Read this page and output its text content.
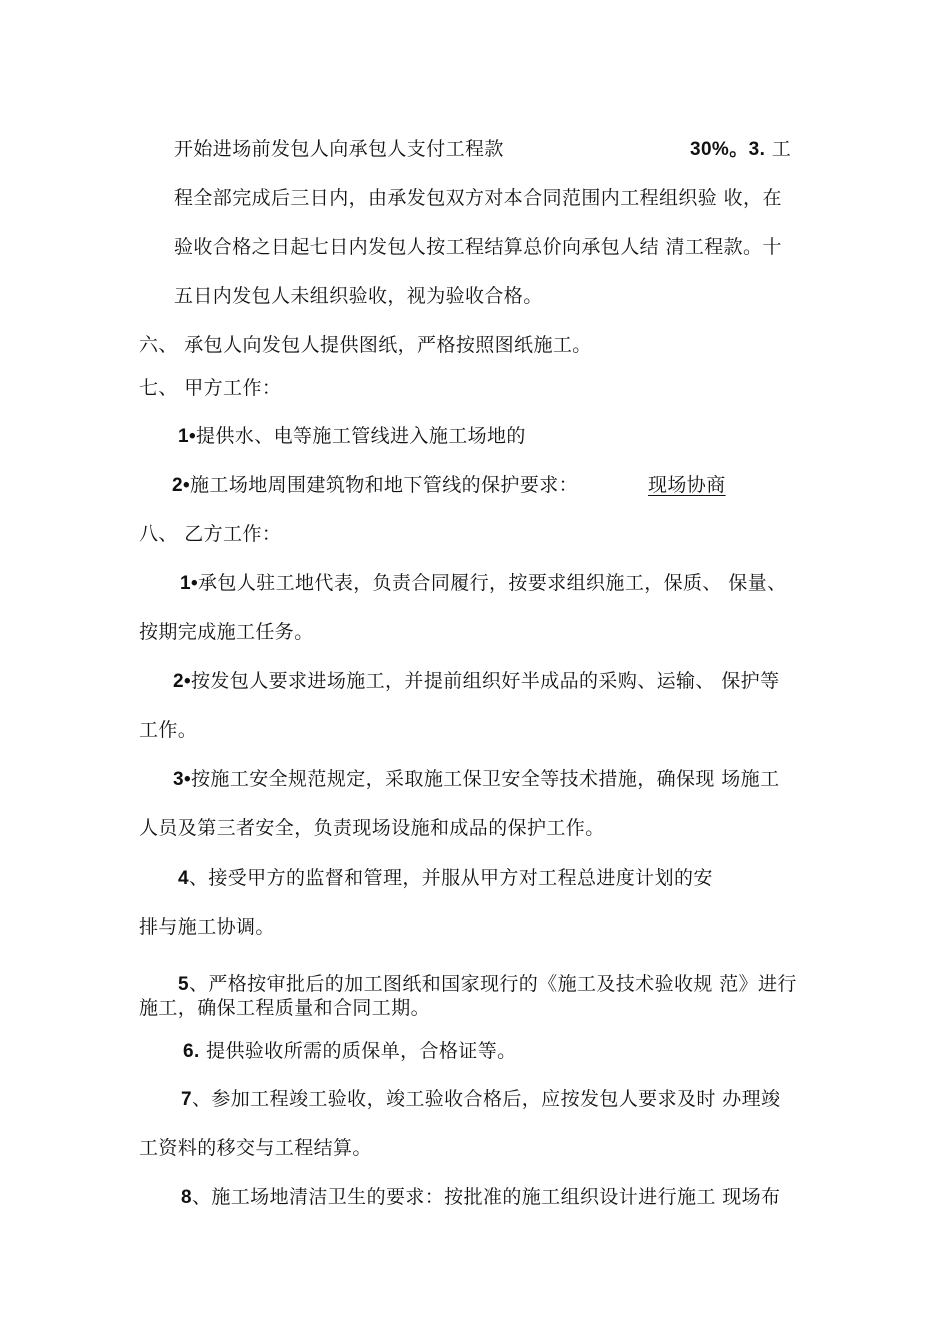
开始进场前发包人向承包人支付工程款	30%。3. 工
程全部完成后三日内，由承发包双方对本合同范围内工程组织验 收，在
验收合格之日起七日内发包人按工程结算总价向承包人结 清工程款。十
五日内发包人未组织验收，视为验收合格。
六、 承包人向发包人提供图纸，严格按照图纸施工。
七、 甲方工作：
1•提供水、电等施工管线进入施工场地的
2•施工场地周围建筑物和地下管线的保护要求：	现场协商
八、 乙方工作：
1•承包人驻工地代表，负责合同履行，按要求组织施工，保质、 保量、
按期完成施工任务。
2•按发包人要求进场施工，并提前组织好半成品的采购、运输、 保护等
工作。
3•按施工安全规范规定，采取施工保卫安全等技术措施，确保现 场施工
人员及第三者安全，负责现场设施和成品的保护工作。
4、接受甲方的监督和管理，并服从甲方对工程总进度计划的安
排与施工协调。
5、严格按审批后的加工图纸和国家现行的《施工及技术验收规 范》进行
施工，确保工程质量和合同工期。
6. 提供验收所需的质保单，合格证等。
7、参加工程竣工验收，竣工验收合格后，应按发包人要求及时 办理竣
工资料的移交与工程结算。
8、施工场地清洁卫生的要求：按批准的施工组织设计进行施工 现场布
